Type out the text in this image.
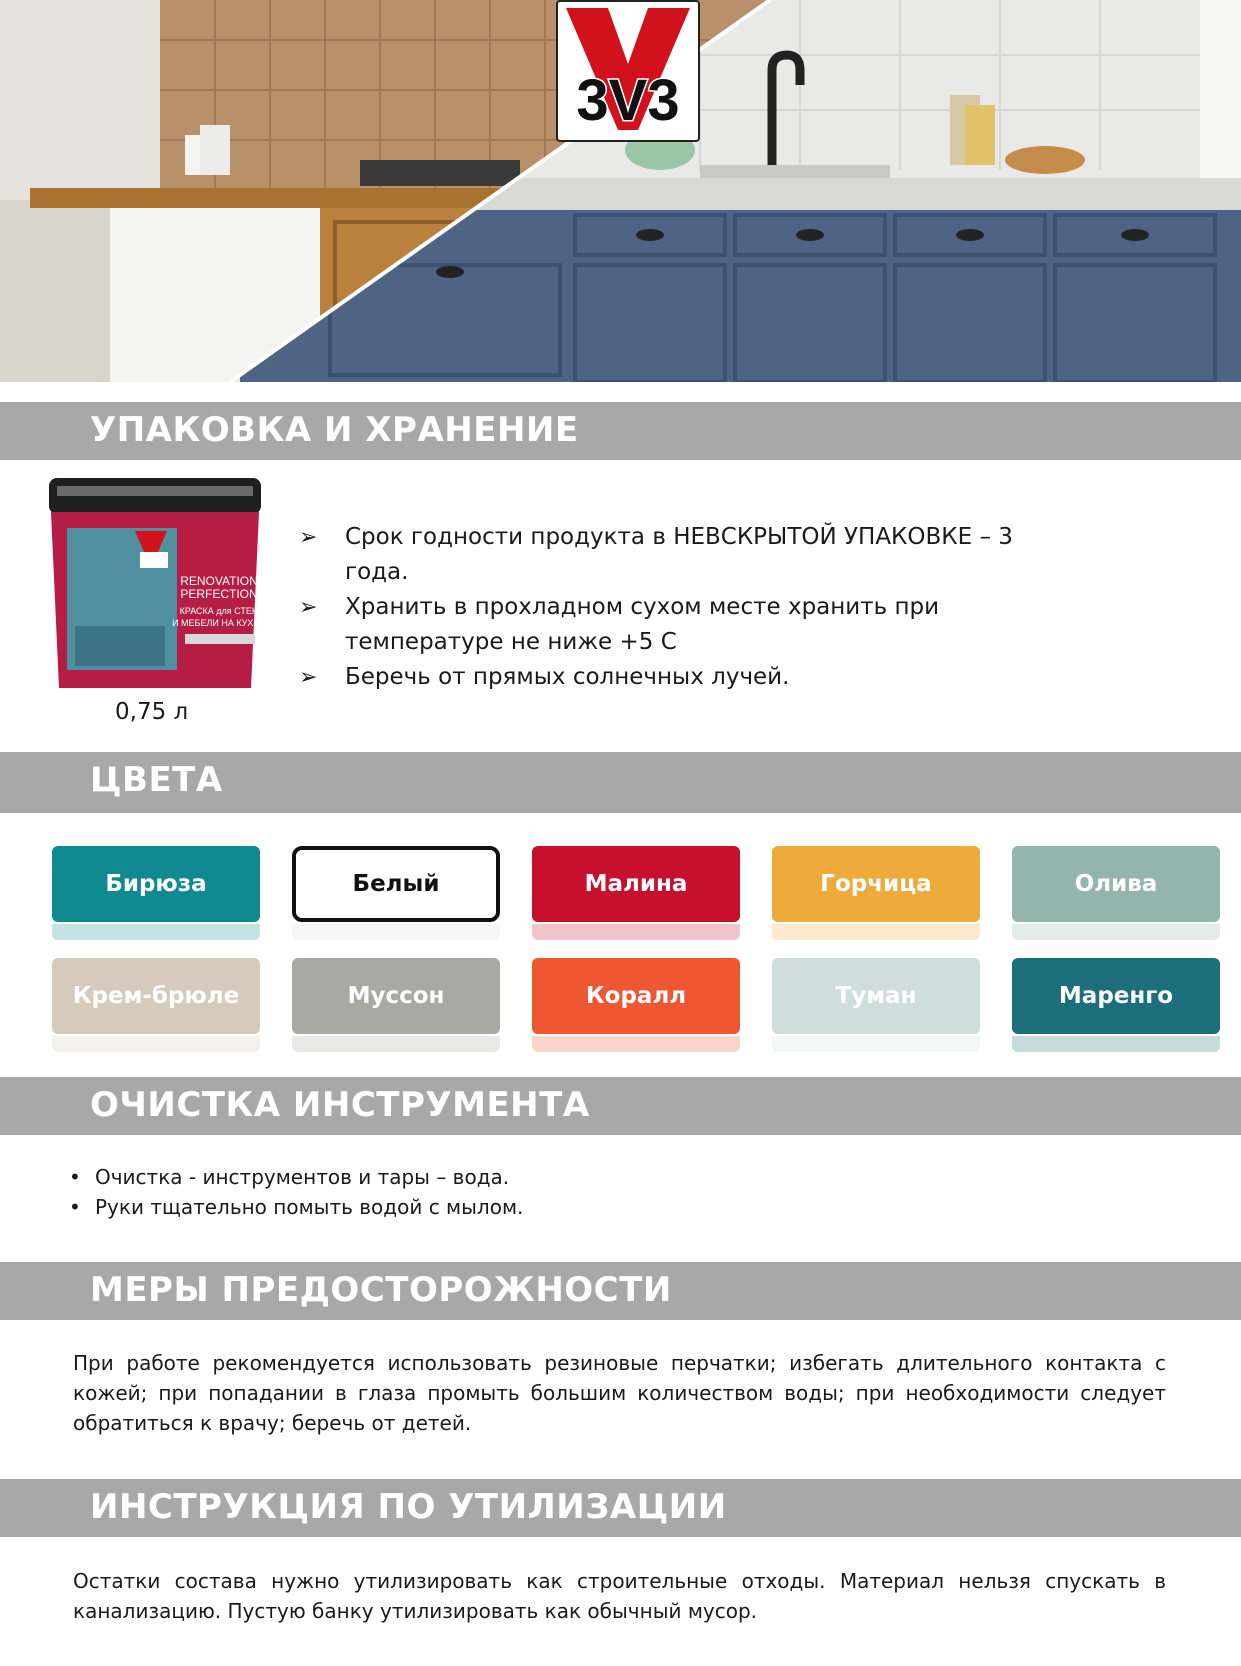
3V3
УПАКОВКА И ХРАНЕНИЕ
RENOVATION
PERFECTION
КРАСКА для СТЕН
И МЕБЕЛИ НА КУХНЕ
0,75 л
➢ Срок годности продукта в НЕВСКРЫТОЙ УПАКОВКЕ – 3 года.
➢ Хранить в прохладном сухом месте хранить при температуре не ниже +5 С
➢ Беречь от прямых солнечных лучей.
ЦВЕТА
Бирюза	Белый	Малина	Горчица	Олива
Крем-брюле	Муссон	Коралл	Туман	Маренго
ОЧИСТКА ИНСТРУМЕНТА
• Очистка - инструментов и тары – вода.
• Руки тщательно помыть водой с мылом.
МЕРЫ ПРЕДОСТОРОЖНОСТИ
При работе рекомендуется использовать резиновые перчатки; избегать длительного контакта с кожей; при попадании в глаза промыть большим количеством воды; при необходимости следует обратиться к врачу; беречь от детей.
ИНСТРУКЦИЯ ПО УТИЛИЗАЦИИ
Остатки состава нужно утилизировать как строительные отходы. Материал нельзя спускать в канализацию. Пустую банку утилизировать как обычный мусор.
